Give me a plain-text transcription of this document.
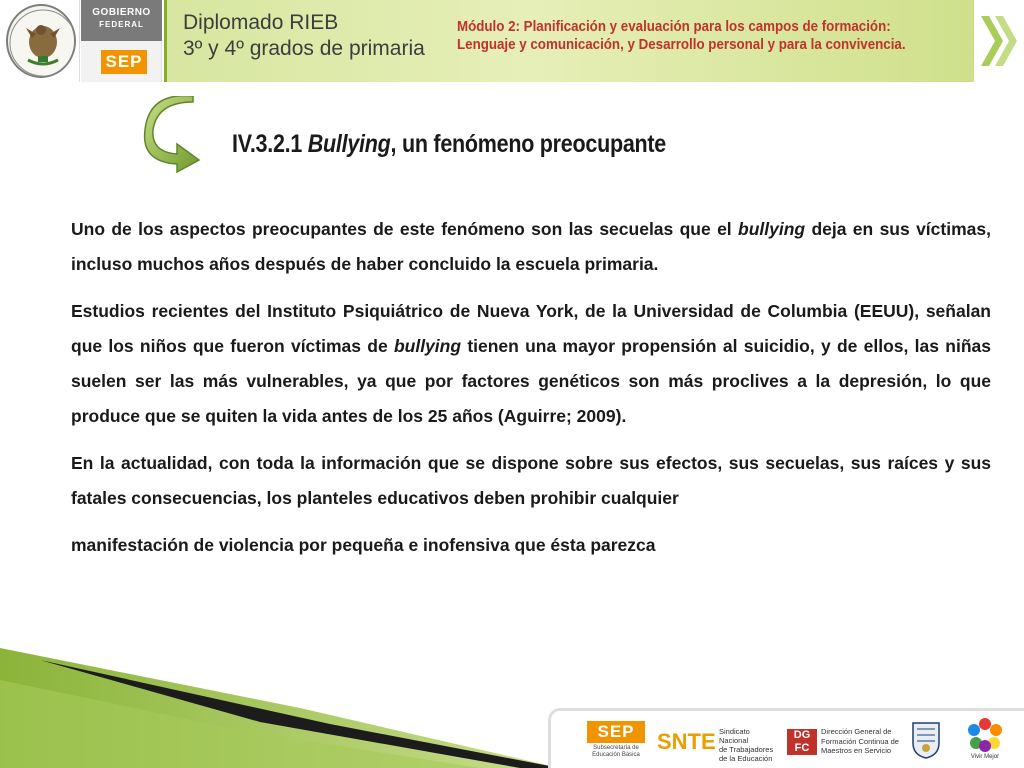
GOBIERNO
FEDERAL
SEP
Diplomado RIEB
3º y 4º grados de primaria
Módulo 2: Planificación y evaluación para los campos de formación:
Lenguaje y comunicación, y Desarrollo personal y para la convivencia.
IV.3.2.1 Bullying, un fenómeno preocupante

Uno de los aspectos preocupantes de este fenómeno son las secuelas que el bullying deja en sus víctimas, incluso muchos años después de haber concluido la escuela primaria.

Estudios recientes del Instituto Psiquiátrico de Nueva York, de la Universidad de Columbia (EEUU), señalan que los niños que fueron víctimas de bullying tienen una mayor propensión al suicidio, y de ellos, las niñas suelen ser las más vulnerables, ya que por factores genéticos son más proclives a la depresión, lo que produce que se quiten la vida antes de los 25 años (Aguirre; 2009).

En la actualidad, con toda la información que se dispone sobre sus efectos, sus secuelas, sus raíces y sus fatales consecuencias, los planteles educativos deben prohibir cualquier

manifestación de violencia por pequeña e inofensiva que ésta parezca

SEP
Subsecretaría de Educación Básica
SNTE Sindicato Nacional
de Trabajadores
de la Educación
DG FC
Dirección General de
Formación Continua de
Maestros en Servicio
Vivir Mejor
